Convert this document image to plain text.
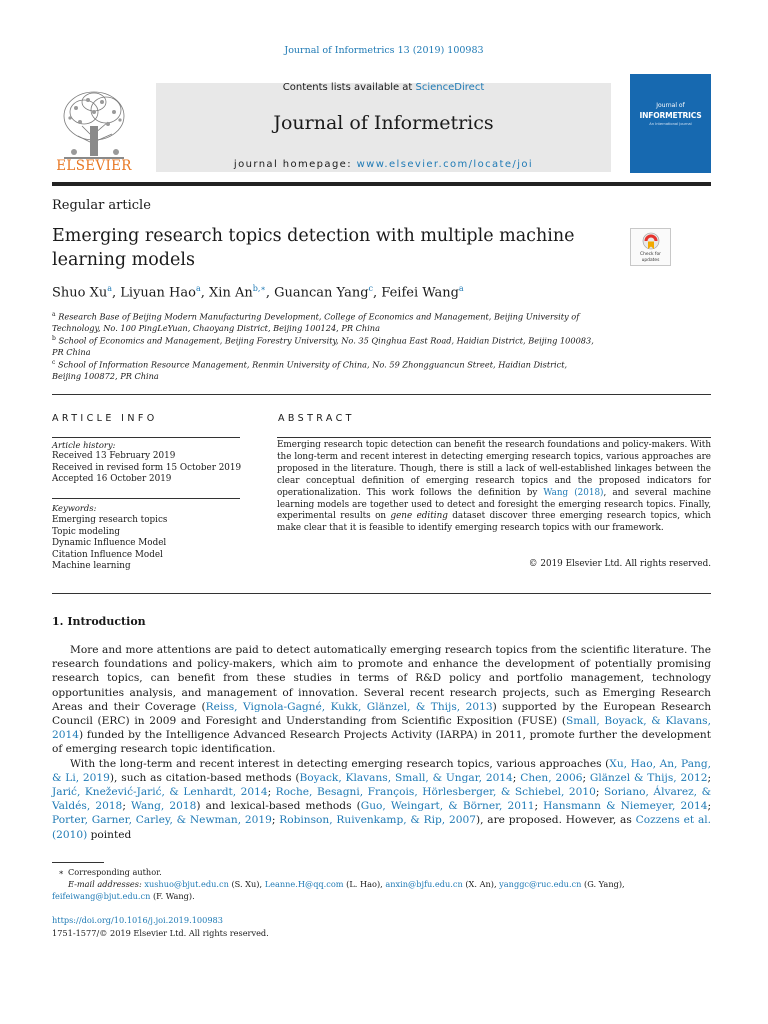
Journal of Informetrics 13 (2019) 100983
Contents lists available at ScienceDirect
Journal of Informetrics
journal homepage: www.elsevier.com/locate/joi
ELSEVIER
Journal of
INFORMETRICS
An International Journal
Regular article
Emerging research topics detection with multiple machine learning models	Check for updates
Shuo Xu$^a$, Liyuan Hao$^a$, Xin $An^{b,∗}$, Guancan Yang$^c$, Feifei Wang$^a$
$^a$ Research Base of Beijing Modern Manufacturing Development, College of Economics and Management, Beijing University of Technology, No. 100 PingLeYuan, Chaoyang District, Beijing 100124, PR China
$^b$ School of Economics and Management, Beijing Forestry University, No. 35 Qinghua East Road, Haidian District, Beijing 100083, PR China
$^c$ School of Information Resource Management, Renmin University of China, No. 59 Zhongguancun Street, Haidian District, Beijing 100872, PR China
ARTICLE INFO	ABSTRACT
Article history:
Received 13 February 2019
Received in revised form 15 October 2019
Accepted 16 October 2019
Keywords:
Emerging research topics
Topic modeling
Dynamic Influence Model
Citation Influence Model
Machine learning
Emerging research topic detection can benefit the research foundations and policy-makers. With the long-term and recent interest in detecting emerging research topics, various approaches are proposed in the literature. Though, there is still a lack of well-established linkages between the clear conceptual definition of emerging research topics and the proposed indicators for operationalization. This work follows the definition by Wang (2018), and several machine learning models are together used to detect and foresight the emerging research topics. Finally, experimental results on gene editing dataset discover three emerging research topics, which make clear that it is feasible to identify emerging research topics with our framework.
© 2019 Elsevier Ltd. All rights reserved.
1. Introduction

More and more attentions are paid to detect automatically emerging research topics from the scientific literature. The research foundations and policy-makers, which aim to promote and enhance the development of potentially promising research topics, can benefit from these studies in terms of R&D policy and portfolio management, technology opportunities analysis, and management of innovation. Several recent research projects, such as Emerging Research Areas and their Coverage (Reiss, Vignola-Gagné, Kukk, Glänzel, & Thijs, 2013) supported by the European Research Council (ERC) in 2009 and Foresight and Understanding from Scientific Exposition (FUSE) (Small, Boyack, & Klavans, 2014) funded by the Intelligence Advanced Research Projects Activity (IARPA) in 2011, promote further the development of emerging research topic identification.

With the long-term and recent interest in detecting emerging research topics, various approaches (Xu, Hao, An, Pang, & Li, 2019), such as citation-based methods (Boyack, Klavans, Small, & Ungar, 2014; Chen, 2006; Glänzel & Thijs, 2012; Jarić, Knežević-Jarić, & Lenhardt, 2014; Roche, Besagni, François, Hörlesberger, & Schiebel, 2010; Soriano, Álvarez, & Valdés, 2018; Wang, 2018) and lexical-based methods (Guo, Weingart, & Börner, 2011; Hansmann & Niemeyer, 2014; Porter, Garner, Carley, & Newman, 2019; Robinson, Ruivenkamp, & Rip, 2007), are proposed. However, as Cozzens et al. (2010) pointed

∗ Corresponding author.
E-mail addresses: xushuo@bjut.edu.cn (S. Xu), Leanne.H@qq.com (L. Hao), anxin@bjfu.edu.cn (X. An), yanggc@ruc.edu.cn (G. Yang),
feifeiwang@bjut.edu.cn (F. Wang).
https://doi.org/10.1016/j.joi.2019.100983
1751-1577/© 2019 Elsevier Ltd. All rights reserved.
